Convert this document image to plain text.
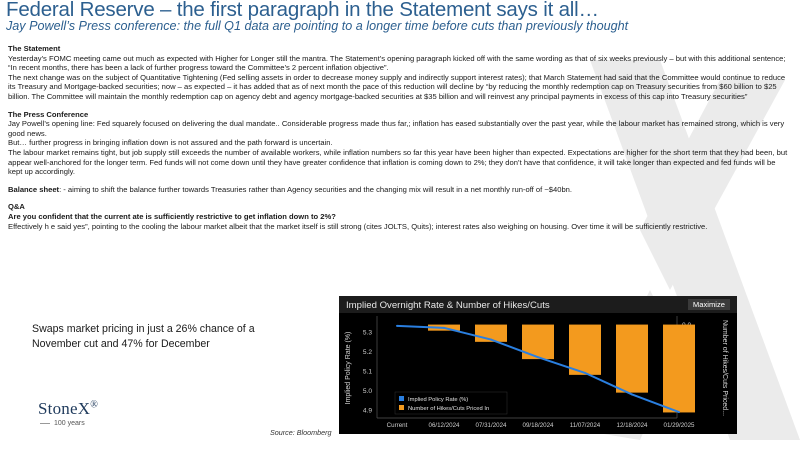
Federal Reserve – the first paragraph in the Statement says it all…
Jay Powell’s Press conference: the full Q1 data are pointing to a longer time before cuts than previously thought

The Statement

Yesterday’s FOMC meeting came out much as expected with Higher for Longer still the mantra. The Statement’s opening paragraph kicked off with the same wording as that of six weeks previously – but with this additional sentence; “In recent months, there has been a lack of further progress toward the Committee’s 2 percent inflation objective”.

The next change was on the subject of Quantitative Tightening (Fed selling assets in order to decrease money supply and indirectly support interest rates); that March Statement had said that the Committee would continue to reduce its Treasury and Mortgage-backed securities; now – as expected – it has added that as of next month the pace of this reduction will decline by “by reducing the monthly redemption cap on Treasury securities from $60 billion to $25 billion. The Committee will maintain the monthly redemption cap on agency debt and agency mortgage-backed securities at $35 billion and will reinvest any principal payments in excess of this cap into Treasury securities”

The Press Conference

Jay Powell’s opening line: Fed squarely focused on delivering the dual mandate.. Considerable progress made thus far,; inflation has eased substantially over the past year, while the labour market has remained strong, which is very good news.

But… further progress in bringing inflation down is not assured and the path forward is uncertain.

The labour market remains tight, but job supply still exceeds the number of available workers, while inflation numbers so far this year have been higher than expected. Expectations are higher for the short term that they had been, but appear well-anchored for the longer term. Fed funds will not come down until they have greater confidence that inflation is coming down to 2%; they don’t have that confidence, it will take longer than expected and fed funds will be kept up accordingly.

Balance sheet: - aiming to shift the balance further towards Treasuries rather than Agency securities and the changing mix will result in a net monthly run-off of ~$40bn.

Q&A

Are you confident that the current ate is sufficiently restrictive to get inflation down to 2%?

Effectively h e said yes”, pointing to the cooling the labour market albeit that the market itself is still strong (cites JOLTS, Quits); interest rates also weighing on housing. Over time it will be sufficiently restrictive.

Swaps market pricing in just a 26% chance of a November cut and 47% for December
StoneX®
100 years
Source: Bloomberg
Implied Overnight Rate & Number of Hikes/Cuts
5.3
5.2
5.1
5.0
4.9
Implied Policy Rate (%)	Number of Hikes/Cuts Priced...
Current	06/12/2024	07/31/2024	09/18/2024	11/07/2024	12/18/2024	01/29/2025
Implied Policy Rate (%)
Number of Hikes/Cuts Priced In
Maximize
